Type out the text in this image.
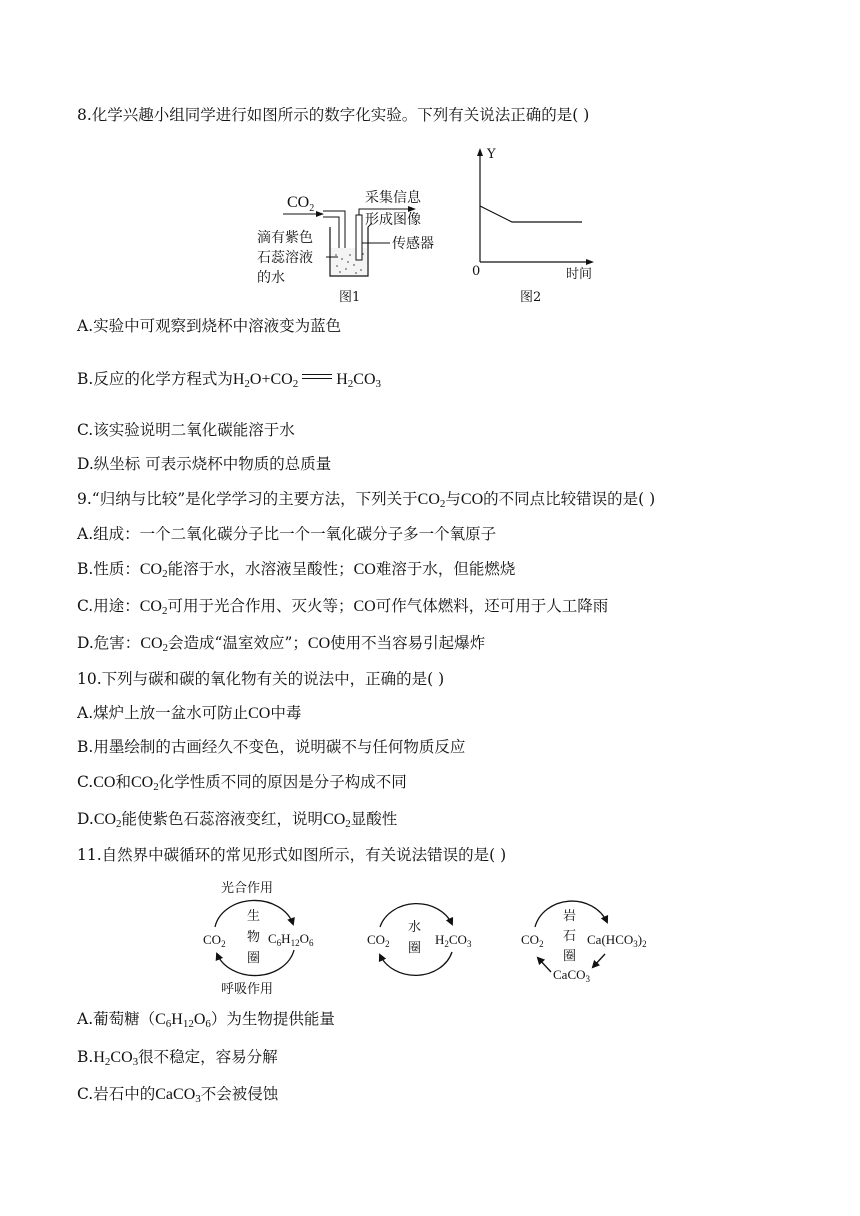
8.化学兴趣小组同学进行如图所示的数字化实验。下列有关说法正确的是( )
$CO_2$
采集信息
形成图像
传感器
滴有紫色
石蕊溶液
的水
图1
Y
0	时间
图2
A.实验中可观察到烧杯中溶液变为蓝色
B.反应的化学方程式为$H_2O+CO_2$ $H_2CO_3$
C.该实验说明二氧化碳能溶于水
D.纵坐标 可表示烧杯中物质的总质量
9.“归纳与比较”是化学学习的主要方法，下列关于$CO_2$与CO的不同点比较错误的是( )
A.组成：一个二氧化碳分子比一个一氧化碳分子多一个氧原子
B.性质：$CO_2$能溶于水，水溶液呈酸性；CO难溶于水，但能燃烧
C.用途：$CO_2$可用于光合作用、灭火等；CO可作气体燃料，还可用于人工降雨
D.危害：$CO_2$会造成“温室效应”；CO使用不当容易引起爆炸
10.下列与碳和碳的氧化物有关的说法中，正确的是( )
A.煤炉上放一盆水可防止CO中毒
B.用墨绘制的古画经久不变色，说明碳不与任何物质反应
C.CO和$CO_2$化学性质不同的原因是分子构成不同
$D.CO_2$能使紫色石蕊溶液变红，说明$CO_2$显酸性
11.自然界中碳循环的常见形式如图所示，有关说法错误的是( )
光合作用
生
物
圈
$CO_2$	$C_6H_{12}O_6$
呼吸作用
水
圈
$CO_2$	$H_2CO_3$
岩
石
圈
$CO_2$	$Ca(HCO_3)_2$
CaCO$_3$
A.葡萄糖$(C_6H_{12}O_6)$为生物提供能量
$B.H_2CO_3$很不稳定，容易分解
C.岩石中的CaCO$_3$不会被侵蚀
